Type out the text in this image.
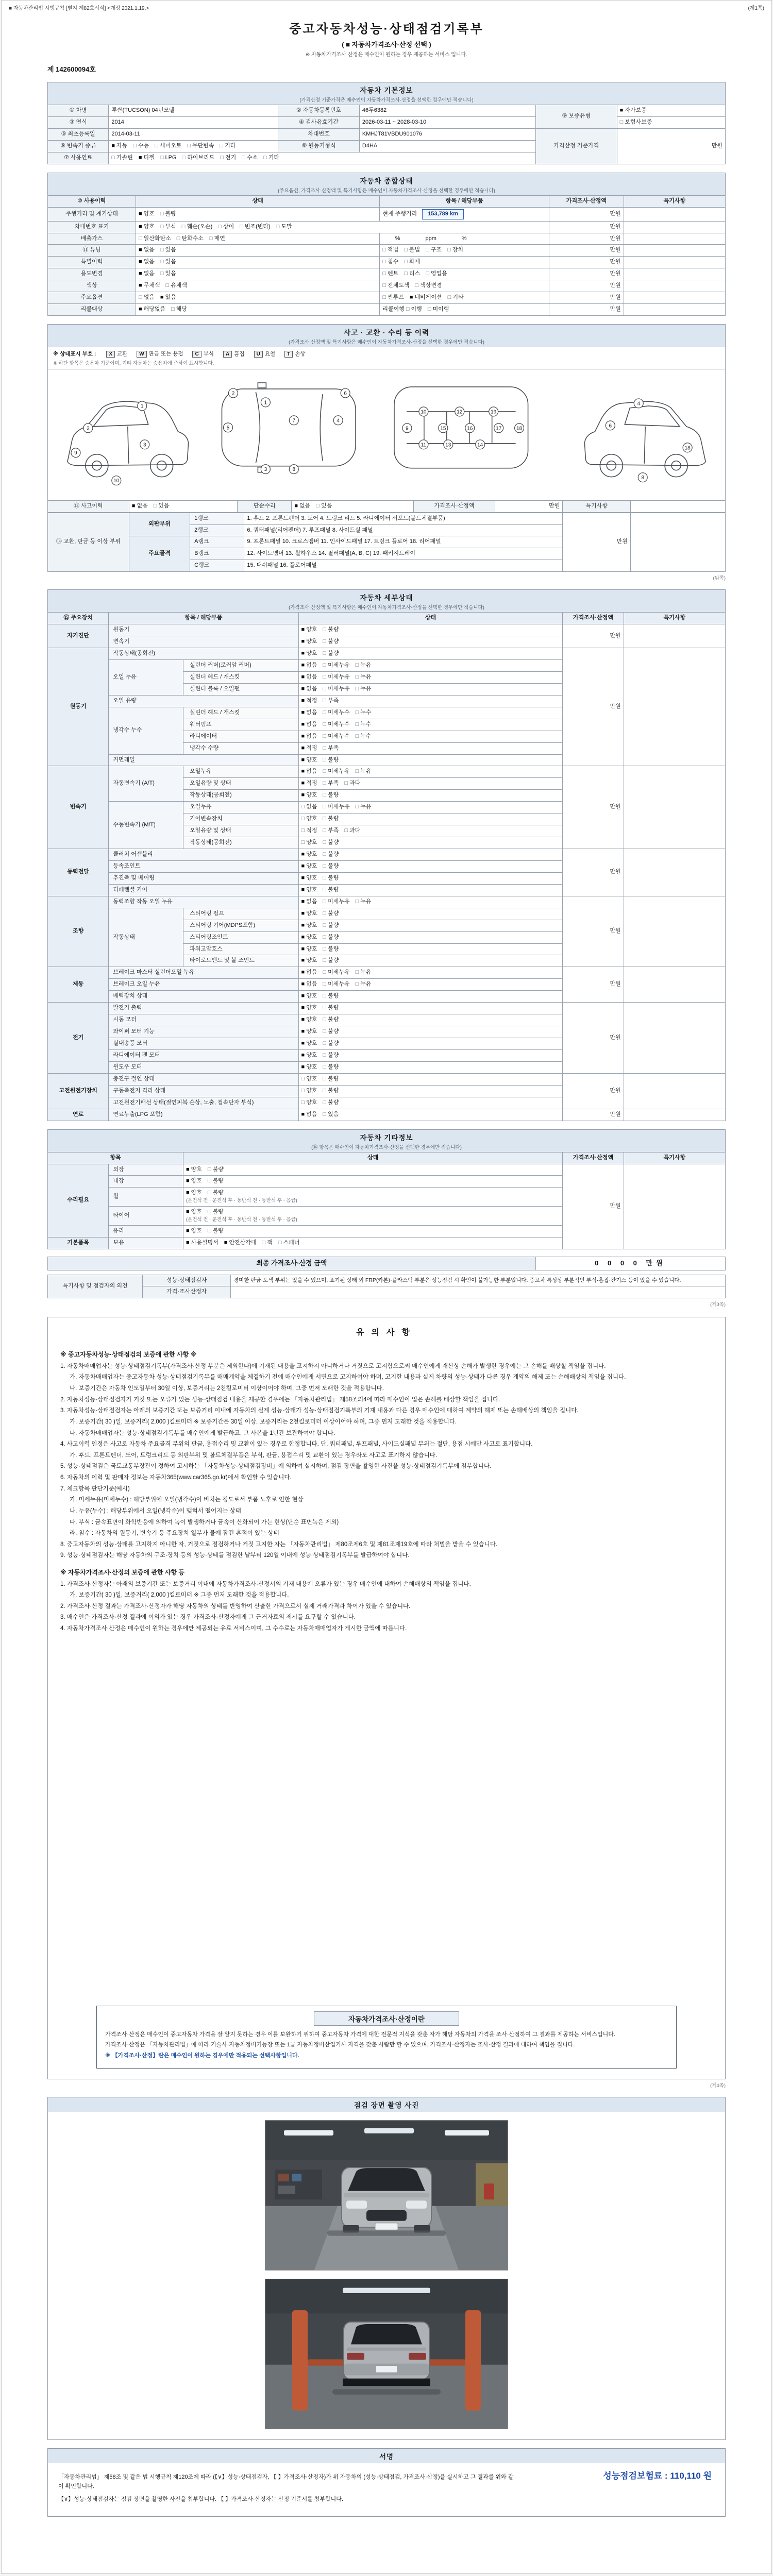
■ 자동차관리법 시행규칙 [별지 제82호서식] <개정 2021.1.19.>	(제1쪽)
중고자동차성능·상태점검기록부
( ■ 자동차가격조사·산정 선택 )
※ 자동차가격조사·산정은 매수인이 원하는 경우 제공하는 서비스 입니다.
제 142600094호
자동차 기본정보
(가격산정 기준가격은 매수인이 자동차가격조사·산정을 선택한 경우에만 적습니다)
① 차명	투싼(TUCSON) 04년모델	② 자동차등록번호	46두6382	⑨ 보증유형	■ 자가보증
③ 연식	2014	④ 검사유효기간	2026-03-11 ~ 2028-03-10		□ 보험사보증
⑤ 최초등록일	2014-03-11	차대번호	KMHJT81VBDU901076	가격산정 기준가격	만원
⑥ 변속기 종류	■ 자동 □ 수동 □ 세미오토 □ 무단변속 □ 기타	⑧ 원동기형식	D4HA		
⑦ 사용연료	□ 가솔린 ■ 디젤 □ LPG □ 하이브리드 □ 전기 □ 수소 □ 기타				
자동차 종합상태
(주요옵션, 가격조사·산정액 및 특기사항은 매수인이 자동차가격조사·산정을 선택한 경우에만 적습니다)
⑩ 사용이력	상태	항목 / 해당부품	가격조사·산정액	특기사항
주행거리 및 계기상태	■ 양호 □ 불량	현재 주행거리 153,789 km	만원	
차대번호 표기	■ 양호 □ 부식 □ 훼손(오손) □ 상이 □ 변조(변타) □ 도말		만원	
배출가스	□ 일산화탄소 □ 탄화수소 □ 매연	%                ppm                %	만원	
⑪ 튜닝	■ 없음 □ 있음	□ 적법 □ 불법 □ 구조 □ 장치	만원	
특별이력	■ 없음 □ 있음	□ 침수 □ 화재	만원	
용도변경	■ 없음 □ 있음	□ 렌트 □ 리스 □ 영업용	만원	
색상	■ 무채색 □ 유채색	□ 전체도색 □ 색상변경	만원	
주요옵션	□ 없음 ■ 있음	□ 썬루프 ■ 네비게이션 □ 기타	만원	
리콜대상	■ 해당없음 □ 해당	리콜이행 □ 이행 □ 미이행	만원	
사고 · 교환 · 수리 등 이력
(가격조사·산정액 및 특기사항은 매수인이 자동차가격조사·산정을 선택한 경우에만 적습니다)
※ 상태표시 부호 :	X 교환	W 판금 또는 용접	C 부식	A 흠집	U 요철	T 손상
※ 하단 항목은 승용차 기준이며, 기타 자동차는 승용차에 준하여 표시합니다.
1
2
3
9
10
5
1
7	4
6
8
2
3
9
10
11
12
13	14
15	16	17	18
19
4
6
8
18
⑬ 사고이력	■ 없음 □ 있음	단순수리	■ 없음 □ 있음	가격조사·산정액	만원	특기사항	
⑭ 교환, 판금 등 이상 부위	외판부위	1랭크	1. 후드 2. 프론트펜더 3. 도어 4. 트렁크 리드 5. 라디에이터 서포트(볼트체결부품)	만원	
		2랭크	6. 쿼터패널(리어펜더) 7. 루프패널 8. 사이드실 패널		
	주요골격	A랭크	9. 프론트패널 10. 크로스멤버 11. 인사이드패널 17. 트렁크 플로어 18. 리어패널		
		B랭크	12. 사이드멤버 13. 휠하우스 14. 필러패널(A, B, C) 19. 패키지트레이		
		C랭크	15. 대쉬패널 16. 플로어패널		
(뒤쪽)
자동차 세부상태
(가격조사·산정액 및 특기사항은 매수인이 자동차가격조사·산정을 선택한 경우에만 적습니다)
⑮ 주요장치	항목 / 해당부품		상태	가격조사·산정액	특기사항
자기진단	원동기		■ 양호 □ 불량	만원	
	변속기		■ 양호 □ 불량		
원동기	작동상태(공회전)		■ 양호 □ 불량	만원	
	오일 누유	실린더 커버(로커암 커버)	■ 없음 □ 미세누유 □ 누유		
		실린더 헤드 / 개스킷	■ 없음 □ 미세누유 □ 누유		
		실린더 블록 / 오일팬	■ 없음 □ 미세누유 □ 누유		
	오일 유량		■ 적정 □ 부족		
	냉각수 누수	실린더 헤드 / 개스킷	■ 없음 □ 미세누수 □ 누수		
		워터펌프	■ 없음 □ 미세누수 □ 누수		
		라디에이터	■ 없음 □ 미세누수 □ 누수		
		냉각수 수량	■ 적정 □ 부족		
	커먼레일		■ 양호 □ 불량		
변속기	자동변속기 (A/T)	오일누유	■ 없음 □ 미세누유 □ 누유	만원	
		오일유량 및 상태	■ 적정 □ 부족 □ 과다		
		작동상태(공회전)	■ 양호 □ 불량		
	수동변속기 (M/T)	오일누유	□ 없음 □ 미세누유 □ 누유		
		기어변속장치	□ 양호 □ 불량		
		오일유량 및 상태	□ 적정 □ 부족 □ 과다		
		작동상태(공회전)	□ 양호 □ 불량		
동력전달	클러치 어셈블리		■ 양호 □ 불량	만원	
	등속조인트		■ 양호 □ 불량		
	추진축 및 베어링		■ 양호 □ 불량		
	디페렌셜 기어		■ 양호 □ 불량		
조향	동력조향 작동 오일 누유		■ 없음 □ 미세누유 □ 누유	만원	
	작동상태	스티어링 펌프	■ 양호 □ 불량		
		스티어링 기어(MDPS포함)	■ 양호 □ 불량		
		스티어링조인트	■ 양호 □ 불량		
		파워고압호스	■ 양호 □ 불량		
		타이로드엔드 및 볼 조인트	■ 양호 □ 불량		
제동	브레이크 마스터 실린더오일 누유		■ 없음 □ 미세누유 □ 누유	만원	
	브레이크 오일 누유		■ 없음 □ 미세누유 □ 누유		
	배력장치 상태		■ 양호 □ 불량		
전기	발전기 출력		■ 양호 □ 불량	만원	
	시동 모터		■ 양호 □ 불량		
	와이퍼 모터 기능		■ 양호 □ 불량		
	실내송풍 모터		■ 양호 □ 불량		
	라디에이터 팬 모터		■ 양호 □ 불량		
	윈도우 모터		■ 양호 □ 불량		
고전원전기장치	충전구 절연 상태		□ 양호 □ 불량	만원	
	구동축전지 격리 상태		□ 양호 □ 불량		
	고전원전기배선 상태(절연피복 손상, 노출, 접속단자 부식)		□ 양호 □ 불량		
연료	연료누출(LPG 포함)		■ 없음 □ 있음	만원	
자동차 기타정보
(⑯ 항목은 매수인이 자동차가격조사·산정을 선택한 경우에만 적습니다)
항목		상태	가격조사·산정액	특기사항
수리필요	외장	■ 양호 □ 불량	만원	
	내장	■ 양호 □ 불량		
	휠	■ 양호 □ 불량
(운전석 전 · 운전석 후 · 동반석 전 · 동반석 후 · 응급)		

	타이어	■ 양호 □ 불량
(운전석 전 · 운전석 후 · 동반석 전 · 동반석 후 · 응급)		

	유리	■ 양호 □ 불량		
기본품목	보유	■ 사용설명서 ■ 안전삼각대 □ 잭 □ 스패너		
최종 가격조사·산정 금액	0 0 0 0 만원
특기사항 및 점검자의 의견	성능·상태점검자	경미한 판금·도색 부위는 있을 수 있으며, 표기된 상태 외 FRP(카본)·플라스틱 부분은 성능점검 시 확인이 불가능한 부분입니다. 중고차 특성상 부분적인 부식·흠집·잔기스 등이 있을 수 있습니다.
	가격·조사산정자	
(제3쪽)
유의사항
※ 중고자동차성능·상태점검의 보증에 관한 사항 ※
1. 자동차매매업자는 성능·상태점검기록부(가격조사·산정 부분은 제외한다)에 기재된 내용을 고지하지 아니하거나 거짓으로 고지함으로써 매수인에게 재산상 손해가 발생한 경우에는 그 손해를 배상할 책임을 집니다.
가. 자동차매매업자는 중고자동차 성능·상태점검기록부를 매매계약을 체결하기 전에 매수인에게 서면으로 고지하여야 하며, 고지한 내용과 실제 차량의 성능·상태가 다른 경우 계약의 해제 또는 손해배상의 책임을 집니다.
나. 보증기간은 자동차 인도일부터 30일 이상, 보증거리는 2천킬로미터 이상이어야 하며, 그중 먼저 도래한 것을 적용합니다.
2. 자동차성능·상태점검자가 거짓 또는 오류가 있는 성능·상태점검 내용을 제공한 경우에는 「자동차관리법」 제58조의4에 따라 매수인이 입은 손해를 배상할 책임을 집니다.
3. 자동차성능·상태점검자는 아래의 보증기간 또는 보증거리 이내에 자동차의 실제 성능·상태가 성능·상태점검기록부의 기재 내용과 다른 경우 매수인에 대하여 계약의 해제 또는 손해배상의 책임을 집니다.
가. 보증기간( 30 )일, 보증거리( 2,000 )킬로미터 ※ 보증기간은 30일 이상, 보증거리는 2천킬로미터 이상이어야 하며, 그중 먼저 도래한 것을 적용합니다.
나. 자동차매매업자는 성능·상태점검기록부를 매수인에게 발급하고, 그 사본을 1년간 보관하여야 합니다.
4. 사고이력 인정은 사고로 자동차 주요골격 부위의 판금, 용접수리 및 교환이 있는 경우로 한정합니다. 단, 쿼터패널, 루프패널, 사이드실패널 부위는 절단, 용접 시에만 사고로 표기합니다.
가. 후드, 프론트펜더, 도어, 트렁크리드 등 외판부위 및 볼트체결부품은 부식, 판금, 용접수리 및 교환이 있는 경우라도 사고로 표기하지 않습니다.
5. 성능·상태점검은 국토교통부장관이 정하여 고시하는 「자동차성능·상태점검장비」에 의하여 실시하며, 점검 장면을 촬영한 사진을 성능·상태점검기록부에 첨부합니다.
6. 자동차의 이력 및 판매자 정보는 자동차365(www.car365.go.kr)에서 확인할 수 있습니다.
7. 체크항목 판단기준(예시)
가. 미세누유(미세누수) : 해당부위에 오일(냉각수)이 비치는 정도로서 부품 노후로 인한 현상
나. 누유(누수) : 해당부위에서 오일(냉각수)이 맺혀서 떨어지는 상태
다. 부식 : 금속표면이 화학반응에 의하여 녹이 발생하거나 금속이 산화되어 가는 현상(단순 표면녹은 제외)
라. 침수 : 자동차의 원동기, 변속기 등 주요장치 일부가 물에 잠긴 흔적이 있는 상태
8. 중고자동차의 성능·상태를 고지하지 아니한 자, 거짓으로 점검하거나 거짓 고지한 자는 「자동차관리법」 제80조제6호 및 제81조제19호에 따라 처벌을 받을 수 있습니다.
9. 성능·상태점검자는 해당 자동차의 구조·장치 등의 성능·상태를 점검한 날부터 120일 이내에 성능·상태점검기록부를 발급하여야 합니다.
※ 자동차가격조사·산정의 보증에 관한 사항 등
1. 가격조사·산정자는 아래의 보증기간 또는 보증거리 이내에 자동차가격조사·산정서의 기재 내용에 오류가 있는 경우 매수인에 대하여 손해배상의 책임을 집니다.
가. 보증기간( 30 )일, 보증거리( 2,000 )킬로미터 ※ 그중 먼저 도래한 것을 적용합니다.
2. 가격조사·산정 결과는 가격조사·산정자가 해당 자동차의 상태를 반영하여 산출한 가격으로서 실제 거래가격과 차이가 있을 수 있습니다.
3. 매수인은 가격조사·산정 결과에 이의가 있는 경우 가격조사·산정자에게 그 근거자료의 제시를 요구할 수 있습니다.
4. 자동차가격조사·산정은 매수인이 원하는 경우에만 제공되는 유료 서비스이며, 그 수수료는 자동차매매업자가 게시한 금액에 따릅니다.
자동차가격조사·산정이란
가격조사·산정은 매수인이 중고자동차 가격을 잘 알지 못하는 경우 이를 보완하기 위하여 중고자동차 가격에 대한 전문적 지식을 갖춘 자가 해당 자동차의 가격을 조사·산정하여 그 결과를 제공하는 서비스입니다.
가격조사·산정은 「자동차관리법」에 따라 기술사·자동차정비기능장 또는 1급 자동차정비산업기사 자격을 갖춘 사람만 할 수 있으며, 가격조사·산정자는 조사·산정 결과에 대하여 책임을 집니다.
※ 【가격조사·산정】란은 매수인이 원하는 경우에만 적용되는 선택사항입니다.
(제4쪽)
점검 장면 촬영 사진
서명
성능점검보험료 : 110,110 원
「자동차관리법」 제58조 및 같은 법 시행규칙 제120조에 따라 (【∨】성능·상태점검자, 【 】가격조사·산정자)가 위 자동차의 (성능·상태점검, 가격조사·산정)을 실시하고 그 결과를 위와 같이 확인합니다.
【∨】성능·상태점검자는 점검 장면을 촬영한 사진을 첨부합니다. 【 】가격조사·산정자는 산정 기준서를 첨부합니다.
